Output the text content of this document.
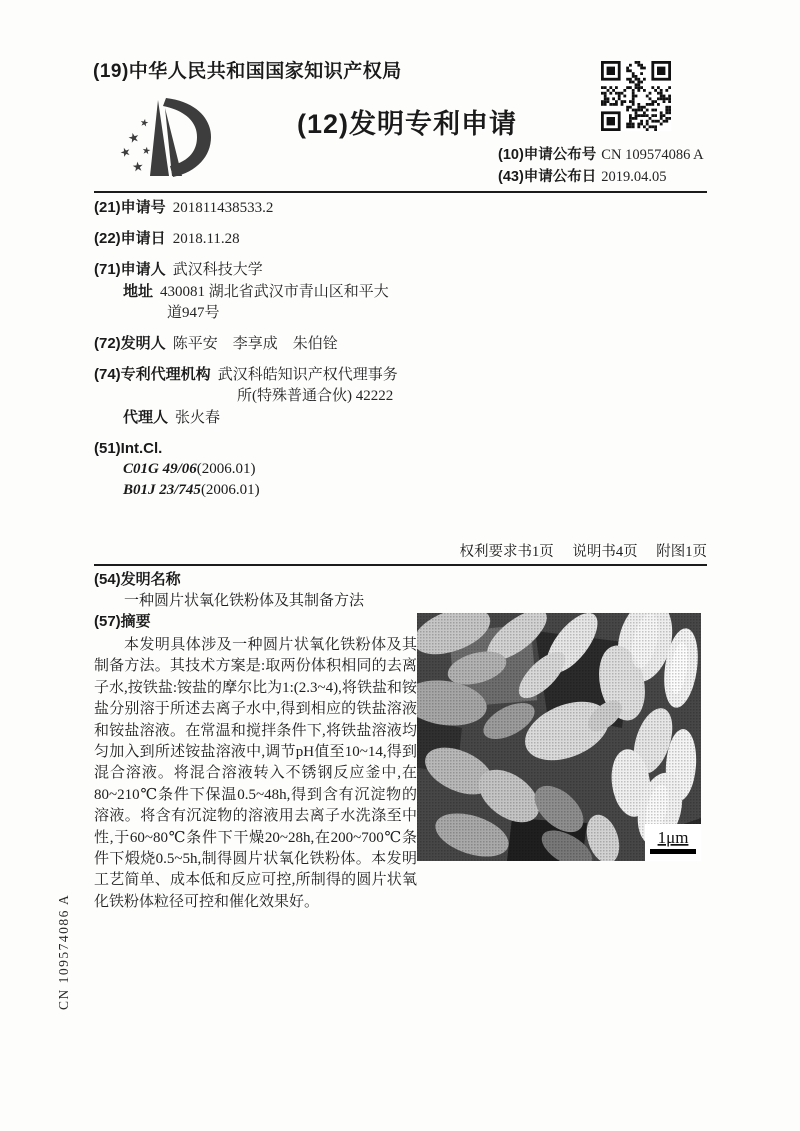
(19)中华人民共和国国家知识产权局
★
★
★ ★
★
(12)发明专利申请
(10)申请公布号 CN 109574086 A
(43)申请公布日 2019.04.05
(21)申请号 201811438533.2
(22)申请日 2018.11.28
(71)申请人 武汉科技大学
地址 430081 湖北省武汉市青山区和平大
道947号
(72)发明人 陈平安　李享成　朱伯铨
(74)专利代理机构 武汉科皓知识产权代理事务
所(特殊普通合伙) 42222
代理人 张火春
(51)Int.Cl.
C01G 49/06(2006.01)
B01J 23/745(2006.01)
权利要求书1页 说明书4页 附图1页
(54)发明名称
一种圆片状氧化铁粉体及其制备方法
(57)摘要
本发明具体涉及一种圆片状氧化铁粉体及其制备方法。其技术方案是:取两份体积相同的去离子水,按铁盐:铵盐的摩尔比为1:(2.3~4),将铁盐和铵盐分别溶于所述去离子水中,得到相应的铁盐溶液和铵盐溶液。在常温和搅拌条件下,将铁盐溶液均匀加入到所述铵盐溶液中,调节pH值至10~14,得到混合溶液。将混合溶液转入不锈钢反应釜中,在80~210℃条件下保温0.5~48h,得到含有沉淀物的溶液。将含有沉淀物的溶液用去离子水洗涤至中性,于60~80℃条件下干燥20~28h,在200~700℃条件下煅烧0.5~5h,制得圆片状氧化铁粉体。本发明工艺简单、成本低和反应可控,所制得的圆片状氧化铁粉体粒径可控和催化效果好。
1μm
CN 109574086 A
